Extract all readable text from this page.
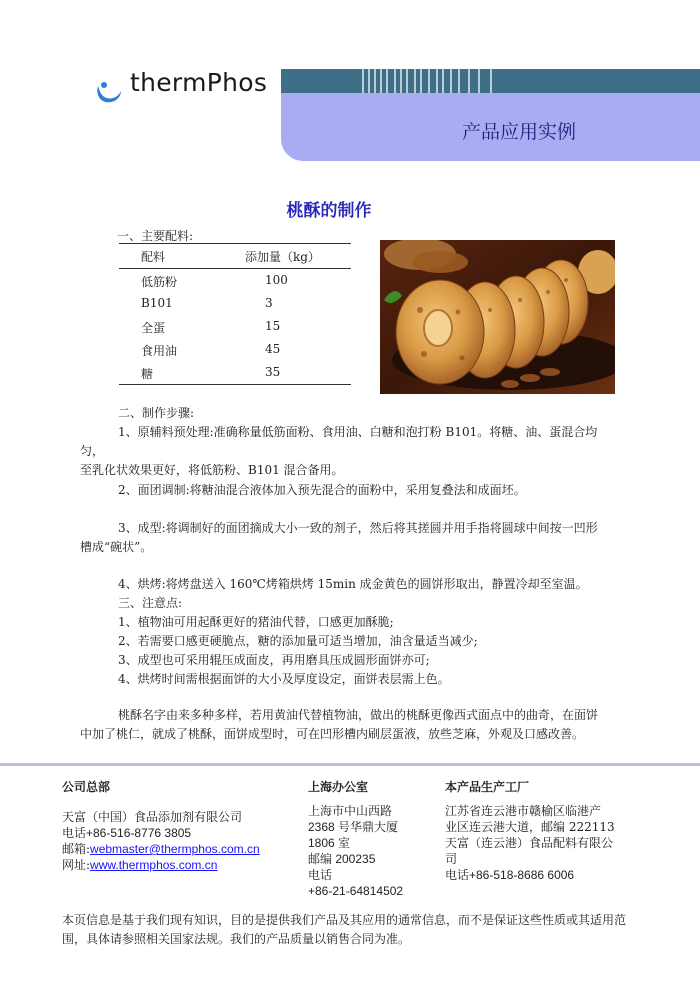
thermPhos
产品应用实例
桃酥的制作
一、主要配料:
配料	添加量（kg）
低筋粉	100
B101	3
全蛋	15
食用油	45
糖	35

二、制作步骤:

1、原辅料预处理:准确称量低筋面粉、食用油、白糖和泡打粉 B101。将糖、油、蛋混合均匀，

至乳化状效果更好，将低筋粉、B101 混合备用。

2、面团调制:将糖油混合液体加入预先混合的面粉中，采用复叠法和成面坯。

3、成型:将调制好的面团摘成大小一致的剂子，然后将其搓圆并用手指将圆球中间按一凹形

槽成“碗状”。

4、烘烤:将烤盘送入 160℃烤箱烘烤 15min 成金黄色的圆饼形取出，静置冷却至室温。

三、注意点:

1、植物油可用起酥更好的猪油代替，口感更加酥脆;

2、若需要口感更硬脆点，糖的添加量可适当增加，油含量适当减少;

3、成型也可采用辊压成面皮，再用磨具压成圆形面饼亦可;

4、烘烤时间需根据面饼的大小及厚度设定，面饼表层需上色。

桃酥名字由来多种多样，若用黄油代替植物油，做出的桃酥更像西式面点中的曲奇，在面饼

中加了桃仁，就成了桃酥，面饼成型时，可在凹形槽内刷层蛋液，放些芝麻，外观及口感改善。

公司总部
天富（中国）食品添加剂有限公司
电话+86-516-8776 3805
邮箱:webmaster@thermphos.com.cn
网址:www.thermphos.com.cn
上海办公室
上海市中山西路
2368 号华鼎大厦
1806 室
邮编 200235
电话
+86-21-64814502
本产品生产工厂
江苏省连云港市赣榆区临港产
业区连云港大道，邮编 222113
天富（连云港）食品配料有限公
司
电话+86-518-8686 6006
本页信息是基于我们现有知识，目的是提供我们产品及其应用的通常信息，而不是保证这些性质或其适用范
围，具体请参照相关国家法规。我们的产品质量以销售合同为准。
